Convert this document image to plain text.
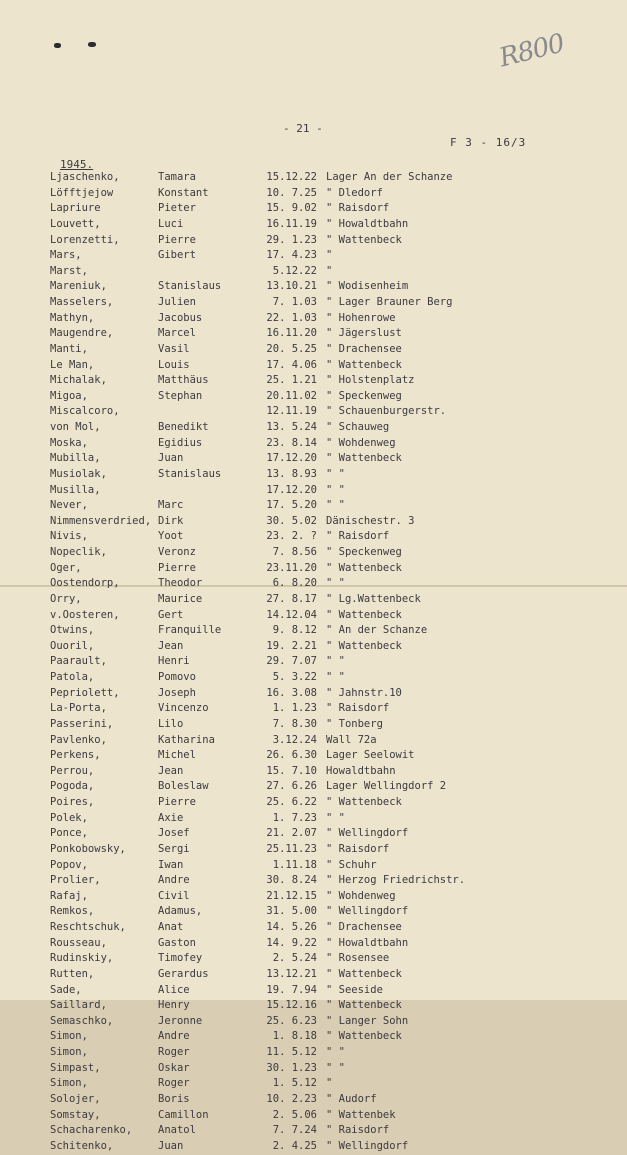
R800
- 21 -
F 3 - 16/3
1945.
Ljaschenko,	Tamara	15.12.22 Lager An der Schanze
Löfftjejow	Konstant	10. 7.25 " Dledorf
Lapriure	Pieter	15. 9.02 " Raisdorf
Louvett,	Luci	16.11.19 " Howaldtbahn
Lorenzetti,	Pierre	29. 1.23 " Wattenbeck
Mars,	Gibert	17. 4.23 "
Marst,	5.12.22 "
Mareniuk,	Stanislaus	13.10.21 " Wodisenheim
Masselers,	Julien	7. 1.03 " Lager Brauner Berg
Mathyn,	Jacobus	22. 1.03 " Hohenrowe
Maugendre,	Marcel	16.11.20 " Jägerslust
Manti,	Vasil	20. 5.25 " Drachensee
Le Man,	Louis	17. 4.06 " Wattenbeck
Michalak,	Matthäus	25. 1.21 " Holstenplatz
Migoa,	Stephan	20.11.02 " Speckenweg
Miscalcoro,	12.11.19 " Schauenburgerstr.
von Mol,	Benedikt	13. 5.24 " Schauweg
Moska,	Egidius	23. 8.14 " Wohdenweg
Mubilla,	Juan	17.12.20 " Wattenbeck
Musiolak,	Stanislaus	13. 8.93 " "
Musilla,	17.12.20 " "
Never,	Marc	17. 5.20 " "
Nimmensverdried, Dirk	30. 5.02 Dänischestr. 3
Nivis,	Yoot	23. 2. ? " Raisdorf
Nopeclik,	Veronz	7. 8.56 " Speckenweg
Oger,	Pierre	23.11.20 " Wattenbeck
Oostendorp,	Theodor	6. 8.20 " "
Orry,	Maurice	27. 8.17 " Lg.Wattenbeck
v.Oosteren,	Gert	14.12.04 " Wattenbeck
Otwins,	Franquille	9. 8.12 " An der Schanze
Ouoril,	Jean	19. 2.21 " Wattenbeck
Paarault,	Henri	29. 7.07 " "
Patola,	Pomovo	5. 3.22 " "
Pepriolett,	Joseph	16. 3.08 " Jahnstr.10
La-Porta,	Vincenzo	1. 1.23 " Raisdorf
Passerini,	Lilo	7. 8.30 " Tonberg
Pavlenko,	Katharina	3.12.24 Wall 72a
Perkens,	Michel	26. 6.30 Lager Seelowit
Perrou,	Jean	15. 7.10 Howaldtbahn
Pogoda,	Boleslaw	27. 6.26 Lager Wellingdorf 2
Poires,	Pierre	25. 6.22 " Wattenbeck
Polek,	Axie	1. 7.23 " "
Ponce,	Josef	21. 2.07 " Wellingdorf
Ponkobowsky,	Sergi	25.11.23 " Raisdorf
Popov,	Iwan	1.11.18 " Schuhr
Prolier,	Andre	30. 8.24 " Herzog Friedrichstr.
Rafaj,	Civil	21.12.15 " Wohdenweg
Remkos,	Adamus,	31. 5.00 " Wellingdorf
Reschtschuk,	Anat	14. 5.26 " Drachensee
Rousseau,	Gaston	14. 9.22 " Howaldtbahn
Rudinskiy,	Timofey	2. 5.24 " Rosensee
Rutten,	Gerardus	13.12.21 " Wattenbeck
Sade,	Alice	19. 7.94 " Seeside
Saillard,	Henry	15.12.16 " Wattenbeck
Semaschko,	Jeronne	25. 6.23 " Langer Sohn
Simon,	Andre	1. 8.18 " Wattenbeck
Simon,	Roger	11. 5.12 " "
Simpast,	Oskar	30. 1.23 " "
Simon,	Roger	1. 5.12 "
Solojer,	Boris	10. 2.23 " Audorf
Somstay,	Camillon	2. 5.06 " Wattenbek
Schacharenko, Anatol	7. 7.24 " Raisdorf
Schitenko,	Juan	2. 4.25 " Wellingdorf
